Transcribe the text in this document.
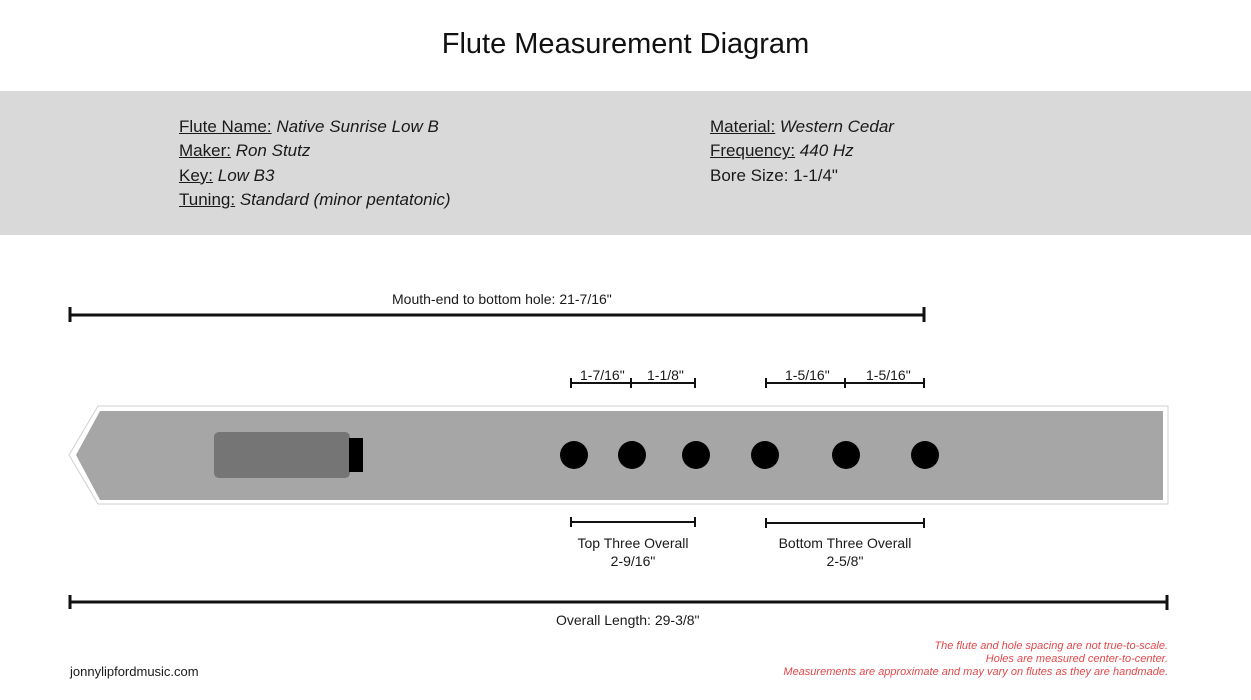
Flute Measurement Diagram
Flute Name: Native Sunrise Low B
Maker: Ron Stutz
Key: Low B3
Tuning: Standard (minor pentatonic)
Material: Western Cedar
Frequency: 440 Hz
Bore Size: 1-1/4"
Mouth-end to bottom hole: 21-7/16"
1-7/16" 1-1/8"	1-5/16"	1-5/16"
Top Three Overall
2-9/16"
Bottom Three Overall
2-5/8"
Overall Length: 29-3/8"
jonnylipfordmusic.com
The flute and hole spacing are not true-to-scale.
Holes are measured center-to-center.
Measurements are approximate and may vary on flutes as they are handmade.
